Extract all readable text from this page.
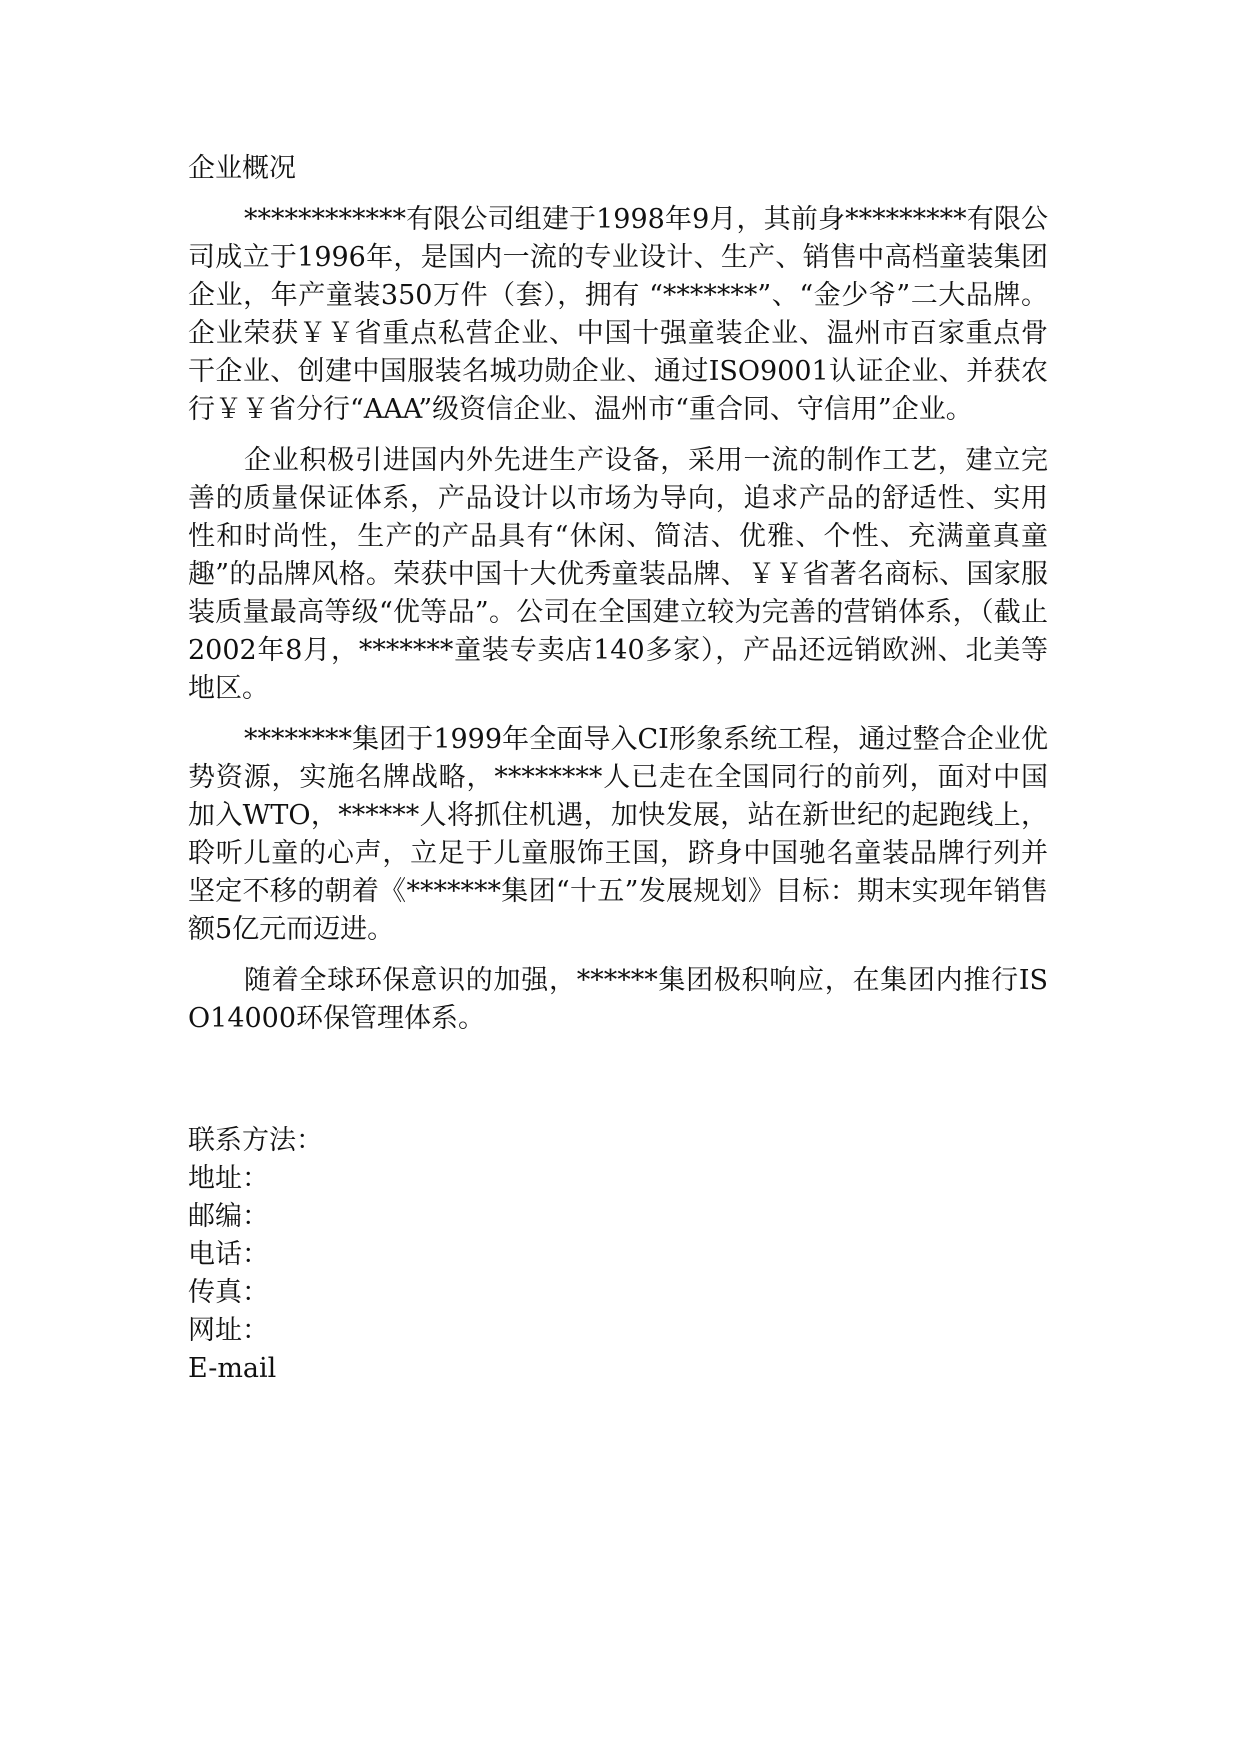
企业概况

************有限公司组建于1998年9月，其前身*********有限公司成立于1996年，是国内一流的专业设计、生产、销售中高档童装集团企业，年产童装350万件（套），拥有 “*******”、“金少爷”二大品牌。企业荣获￥￥省重点私营企业、中国十强童装企业、温州市百家重点骨干企业、创建中国服装名城功勋企业、通过ISO9001认证企业、并获农行￥￥省分行“AAA”级资信企业、温州市“重合同、守信用”企业。

企业积极引进国内外先进生产设备，采用一流的制作工艺，建立完善的质量保证体系，产品设计以市场为导向，追求产品的舒适性、实用性和时尚性，生产的产品具有“休闲、简洁、优雅、个性、充满童真童趣”的品牌风格。荣获中国十大优秀童装品牌、￥￥省著名商标、国家服装质量最高等级“优等品”。公司在全国建立较为完善的营销体系，（截止2002年8月，*******童装专卖店140多家），产品还远销欧洲、北美等地区。

********集团于1999年全面导入CI形象系统工程，通过整合企业优势资源，实施名牌战略，********人已走在全国同行的前列，面对中国加入WTO，******人将抓住机遇，加快发展，站在新世纪的起跑线上，聆听儿童的心声，立足于儿童服饰王国，跻身中国驰名童装品牌行列并坚定不移的朝着《*******集团“十五”发展规划》目标：期末实现年销售额5亿元而迈进。

随着全球环保意识的加强，******集团极积响应，在集团内推行ISO14000环保管理体系。

联系方法：
地址：
邮编：
电话：
传真：
网址：
E-mail
